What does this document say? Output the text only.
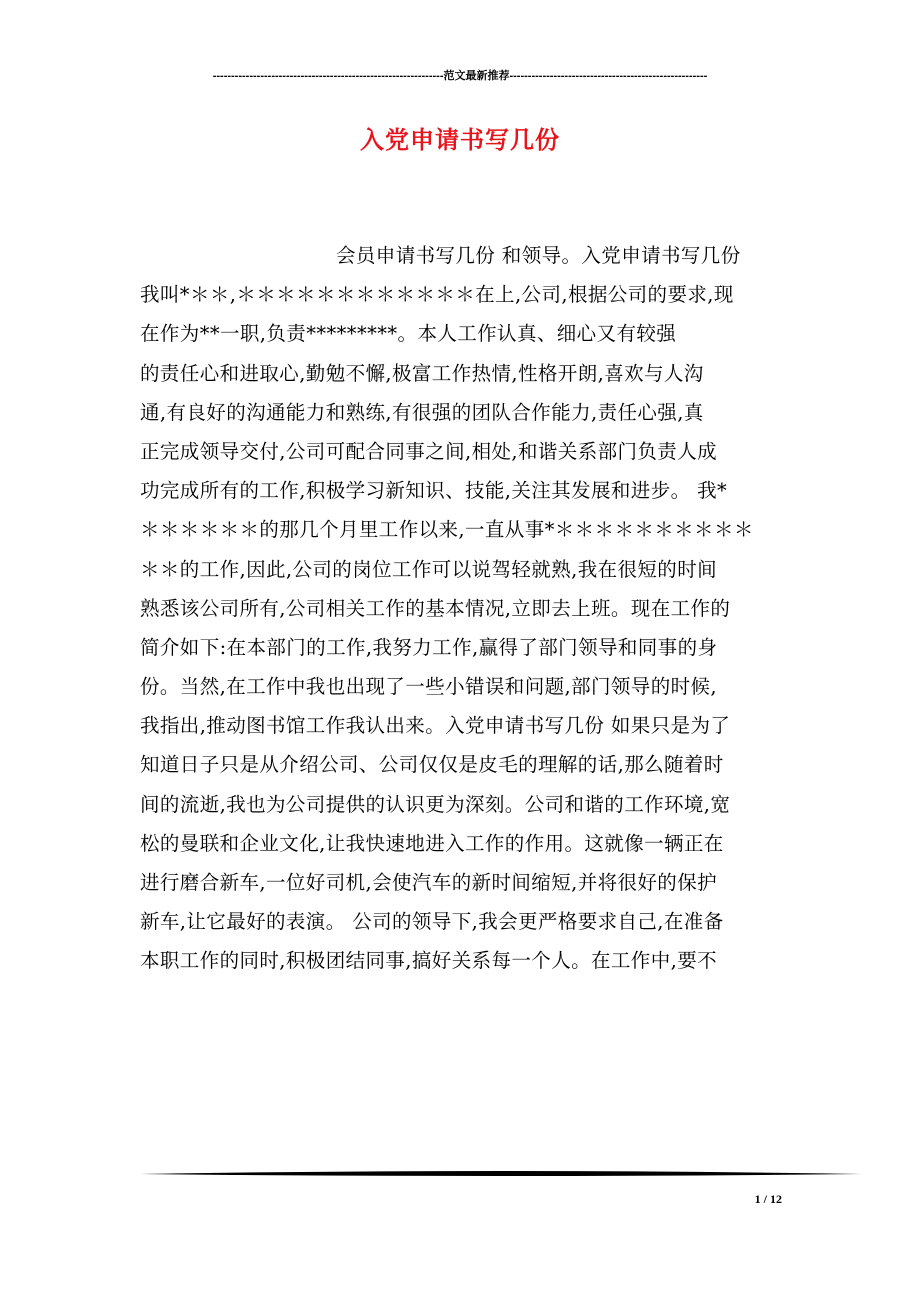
---------------------------------------------------------------范文最新推荐------------------------------------------------------
入党申请书写几份
会员申请书写几份 和领导。入党申请书写几份
我叫*＊＊,＊＊＊＊＊＊＊＊＊＊＊＊在上,公司,根据公司的要求,现
在作为**一职,负责*********。本人工作认真、细心又有较强
的责任心和进取心,勤勉不懈,极富工作热情,性格开朗,喜欢与人沟
通,有良好的沟通能力和熟练,有很强的团队合作能力,责任心强,真
正完成领导交付,公司可配合同事之间,相处,和谐关系部门负责人成
功完成所有的工作,积极学习新知识、技能,关注其发展和进步。 我*
＊＊＊＊＊＊的那几个月里工作以来,一直从事*＊＊＊＊＊＊＊＊＊＊
＊＊的工作,因此,公司的岗位工作可以说驾轻就熟,我在很短的时间
熟悉该公司所有,公司相关工作的基本情况,立即去上班。现在工作的
简介如下:在本部门的工作,我努力工作,赢得了部门领导和同事的身
份。当然,在工作中我也出现了一些小错误和问题,部门领导的时候,
我指出,推动图书馆工作我认出来。入党申请书写几份 如果只是为了
知道日子只是从介绍公司、公司仅仅是皮毛的理解的话,那么随着时
间的流逝,我也为公司提供的认识更为深刻。公司和谐的工作环境,宽
松的曼联和企业文化,让我快速地进入工作的作用。这就像一辆正在
进行磨合新车,一位好司机,会使汽车的新时间缩短,并将很好的保护
新车,让它最好的表演。 公司的领导下,我会更严格要求自己,在准备
本职工作的同时,积极团结同事,搞好关系每一个人。在工作中,要不
1 / 12
